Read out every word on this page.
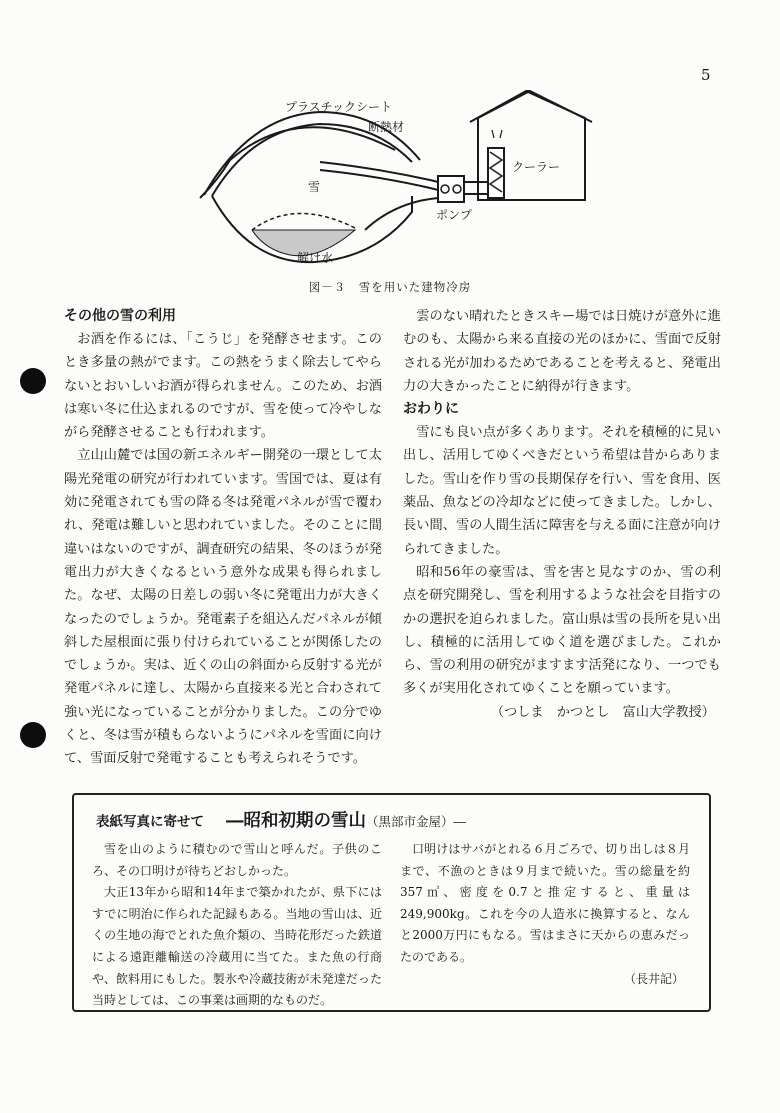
5
プラスチックシート
断熱材
雪
クーラー
ポンプ
解け水
図－３　雪を用いた建物冷房
その他の雪の利用

お酒を作るには、「こうじ」を発酵させます。このとき多量の熱がでます。この熱をうまく除去してやらないとおいしいお酒が得られません。このため、お酒は寒い冬に仕込まれるのですが、雪を使って冷やしながら発酵させることも行われます。

立山山麓では国の新エネルギー開発の一環として太陽光発電の研究が行われています。雪国では、夏は有効に発電されても雪の降る冬は発電パネルが雪で覆われ、発電は難しいと思われていました。そのことに間違いはないのですが、調査研究の結果、冬のほうが発電出力が大きくなるという意外な成果も得られました。なぜ、太陽の日差しの弱い冬に発電出力が大きくなったのでしょうか。発電素子を組込んだパネルが傾斜した屋根面に張り付けられていることが関係したのでしょうか。実は、近くの山の斜面から反射する光が発電パネルに達し、太陽から直接来る光と合わされて強い光になっていることが分かりました。この分でゆくと、冬は雪が積もらないようにパネルを雪面に向けて、雪面反射で発電することも考えられそうです。

雲のない晴れたときスキー場では日焼けが意外に進むのも、太陽から来る直接の光のほかに、雪面で反射される光が加わるためであることを考えると、発電出力の大きかったことに納得が行きます。

おわりに

雪にも良い点が多くあります。それを積極的に見い出し、活用してゆくべきだという希望は昔からありました。雪山を作り雪の長期保存を行い、雪を食用、医薬品、魚などの冷却などに使ってきました。しかし、長い間、雪の人間生活に障害を与える面に注意が向けられてきました。

昭和56年の豪雪は、雪を害と見なすのか、雪の利点を研究開発し、雪を利用するような社会を目指すのかの選択を迫られました。富山県は雪の長所を見い出し、積極的に活用してゆく道を選びました。これから、雪の利用の研究がますます活発になり、一つでも多くが実用化されてゆくことを願っています。

（つしま　かつとし　富山大学教授）
表紙写真に寄せて ―昭和初期の雪山（黒部市金屋）―

雪を山のように積むので雪山と呼んだ。子供のころ、その口明けが待ちどおしかった。

大正13年から昭和14年まで築かれたが、県下にはすでに明治に作られた記録もある。当地の雪山は、近くの生地の海でとれた魚介類の、当時花形だった鉄道による遠距離輸送の冷蔵用に当てた。また魚の行商や、飲料用にもした。製氷や冷蔵技術が未発達だった当時としては、この事業は画期的なものだ。

口明けはサバがとれる６月ごろで、切り出しは８月まで、不漁のときは９月まで続いた。雪の総量を約357㎥、密度を0.7と推定すると、重量は 249,900kg。これを今の人造氷に換算すると、なんと2000万円にもなる。雪はまさに天からの恵みだったのである。

（長井記）
